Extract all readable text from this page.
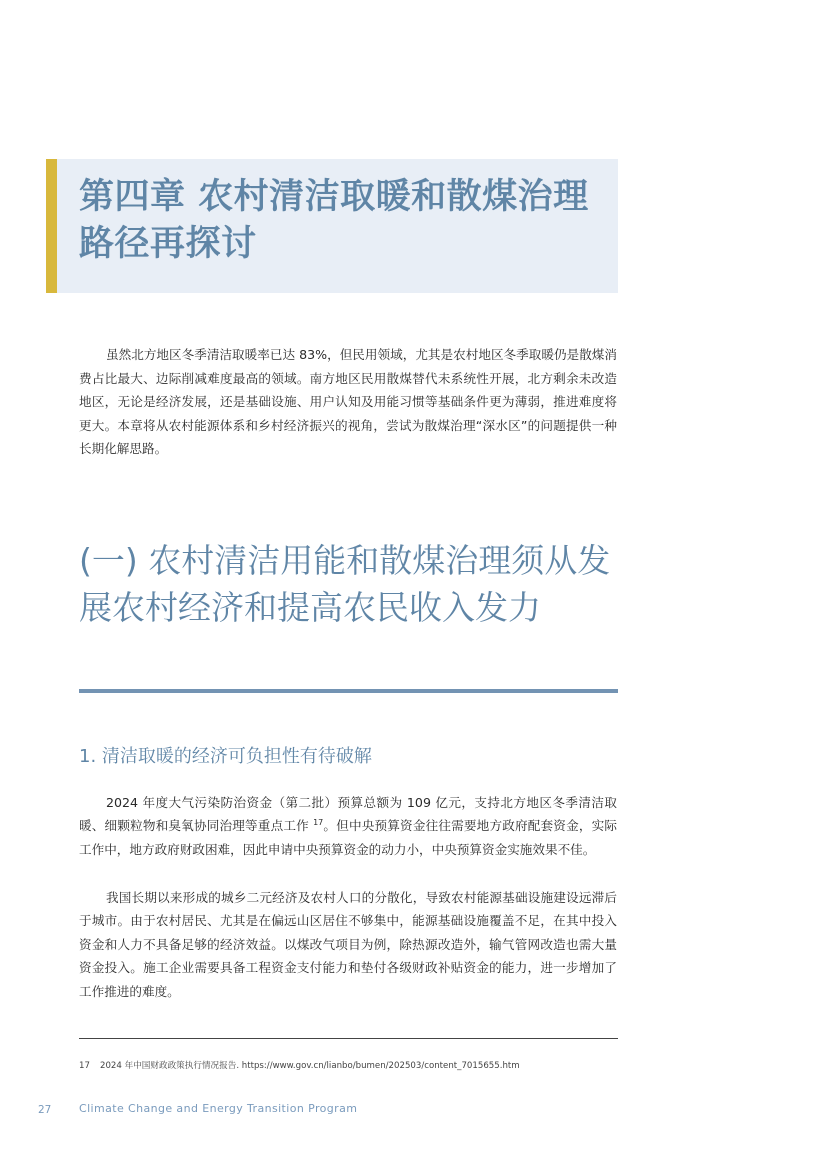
第四章 农村清洁取暖和散煤治理路径再探讨

虽然北方地区冬季清洁取暖率已达 83%，但民用领域，尤其是农村地区冬季取暖仍是散煤消费占比最大、边际削减难度最高的领域。南方地区民用散煤替代未系统性开展，北方剩余未改造地区，无论是经济发展，还是基础设施、用户认知及用能习惯等基础条件更为薄弱，推进难度将更大。本章将从农村能源体系和乡村经济振兴的视角，尝试为散煤治理“深水区”的问题提供一种长期化解思路。

(一) 农村清洁用能和散煤治理须从发展农村经济和提高农民收入发力
1. 清洁取暖的经济可负担性有待破解

2024 年度大气污染防治资金（第二批）预算总额为 109 亿元，支持北方地区冬季清洁取暖、细颗粒物和臭氧协同治理等重点工作 $^{17}$。但中央预算资金往往需要地方政府配套资金，实际工作中，地方政府财政困难，因此申请中央预算资金的动力小，中央预算资金实施效果不佳。

我国长期以来形成的城乡二元经济及农村人口的分散化，导致农村能源基础设施建设远滞后于城市。由于农村居民、尤其是在偏远山区居住不够集中，能源基础设施覆盖不足，在其中投入资金和人力不具备足够的经济效益。以煤改气项目为例，除热源改造外，输气管网改造也需大量资金投入。施工企业需要具备工程资金支付能力和垫付各级财政补贴资金的能力，进一步增加了工作推进的难度。

17 2024 年中国财政政策执行情况报告. https://www.gov.cn/lianbo/bumen/202503/content_7015655.htm

27	Climate Change and Energy Transition Program
